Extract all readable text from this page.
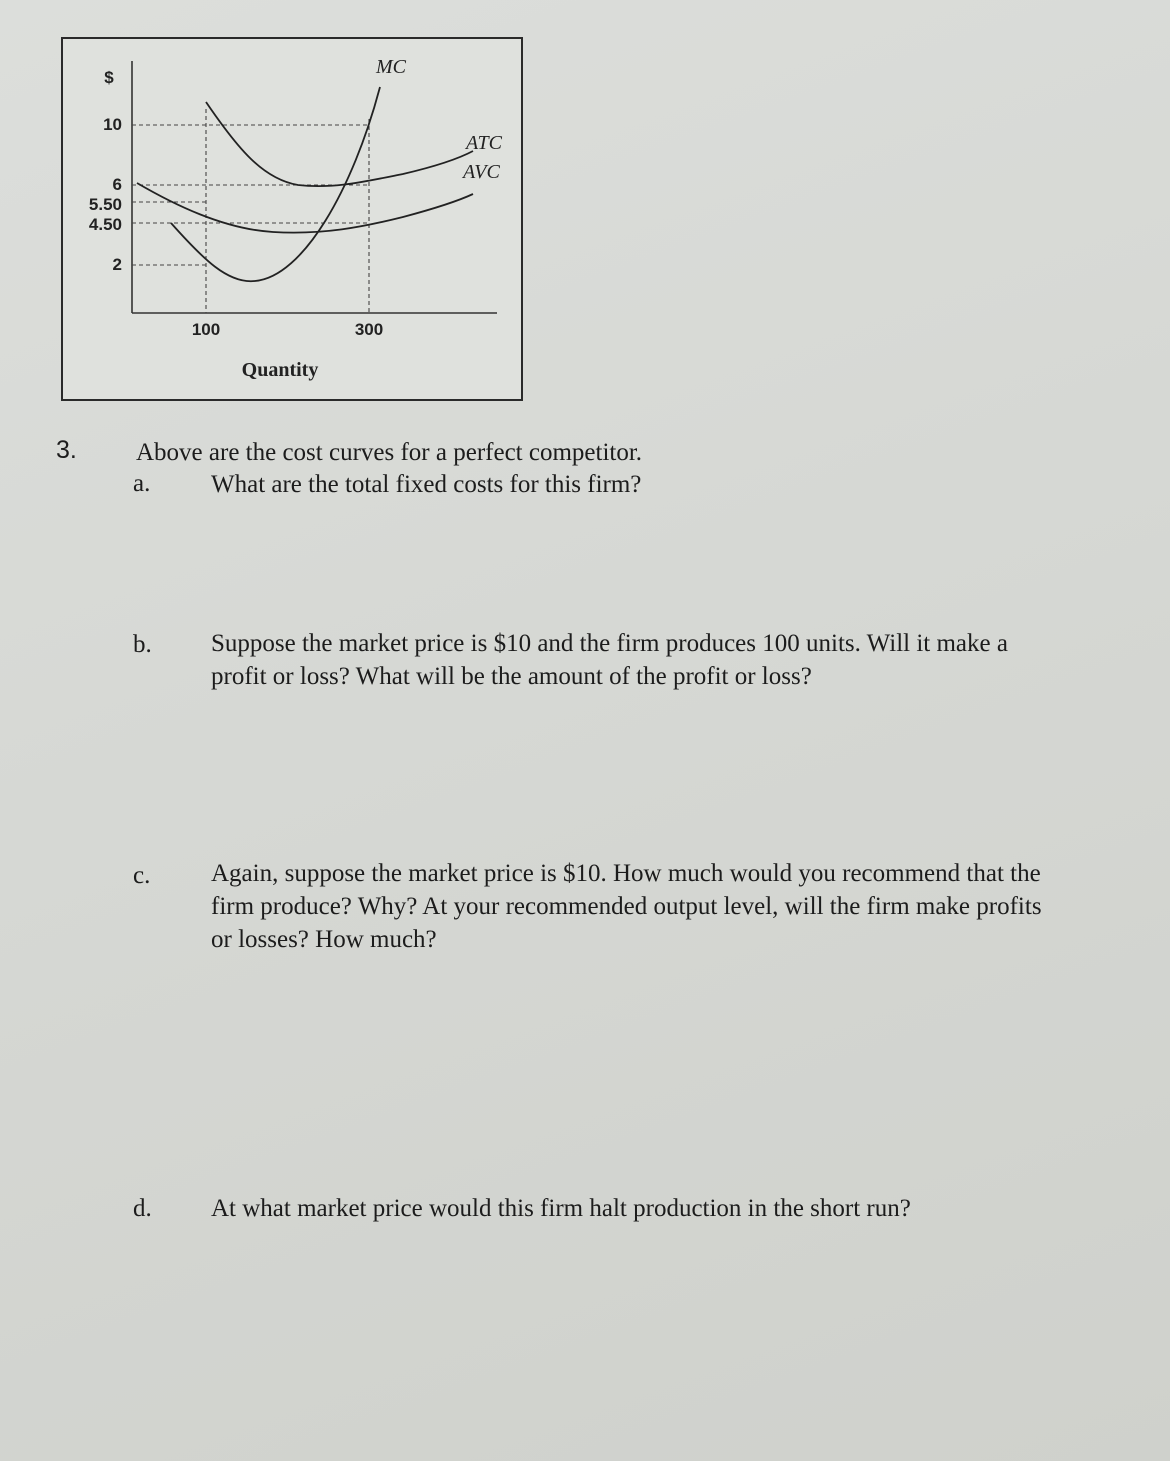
$
10
6
5.50
4.50
2
100	300
Quantity
MC
ATC
AVC
3. Above are the cost curves for a perfect competitor.
a. What are the total fixed costs for this firm?
b. Suppose the market price is $10 and the firm produces 100 units. Will it make a profit or loss? What will be the amount of the profit or loss?
c. Again, suppose the market price is $10. How much would you recommend that the firm produce? Why? At your recommended output level, will the firm make profits or losses? How much?
d. At what market price would this firm halt production in the short run?
